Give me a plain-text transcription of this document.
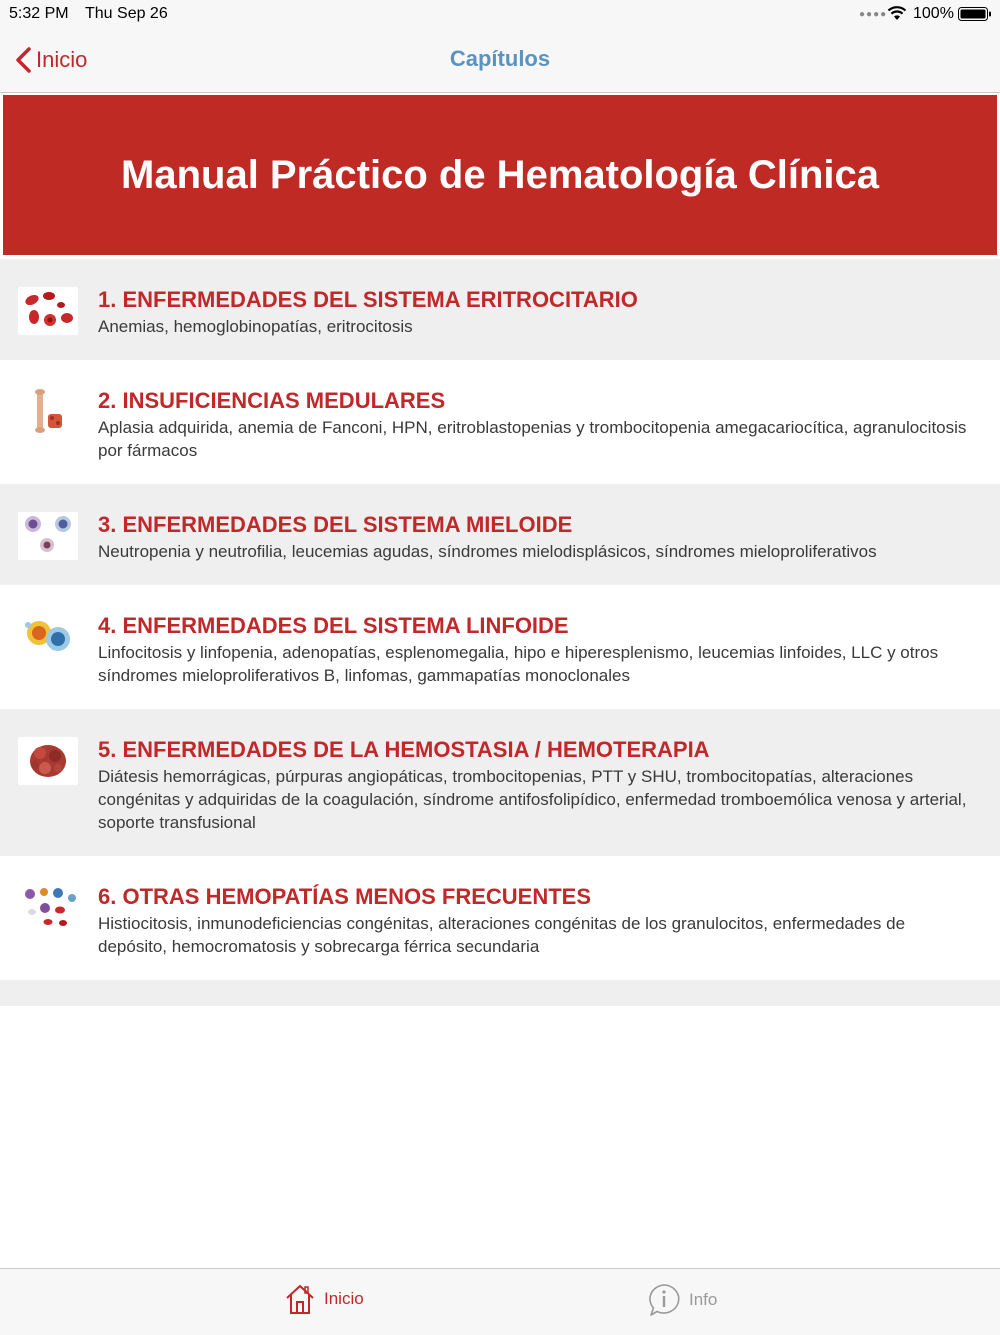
5:32 PM Thu Sep 26	●●●● 100%
Inicio	Capítulos
Manual Práctico de Hematología Clínica
1. ENFERMEDADES DEL SISTEMA ERITROCITARIO
Anemias, hemoglobinopatías, eritrocitosis
2. INSUFICIENCIAS MEDULARES
Aplasia adquirida, anemia de Fanconi, HPN, eritroblastopenias y trombocitopenia amegacariocítica, agranulocitosis por fármacos
3. ENFERMEDADES DEL SISTEMA MIELOIDE
Neutropenia y neutrofilia, leucemias agudas, síndromes mielodisplásicos, síndromes mieloproliferativos
4. ENFERMEDADES DEL SISTEMA LINFOIDE
Linfocitosis y linfopenia, adenopatías, esplenomegalia, hipo e hiperesplenismo, leucemias linfoides, LLC y otros síndromes mieloproliferativos B, linfomas, gammapatías monoclonales
5. ENFERMEDADES DE LA HEMOSTASIA / HEMOTERAPIA
Diátesis hemorrágicas, púrpuras angiopáticas, trombocitopenias, PTT y SHU, trombocitopatías, alteraciones congénitas y adquiridas de la coagulación, síndrome antifosfolipídico, enfermedad tromboemólica venosa y arterial, soporte transfusional
6. OTRAS HEMOPATÍAS MENOS FRECUENTES
Histiocitosis, inmunodeficiencias congénitas, alteraciones congénitas de los granulocitos, enfermedades de depósito, hemocromatosis y sobrecarga férrica secundaria
Inicio	Info
